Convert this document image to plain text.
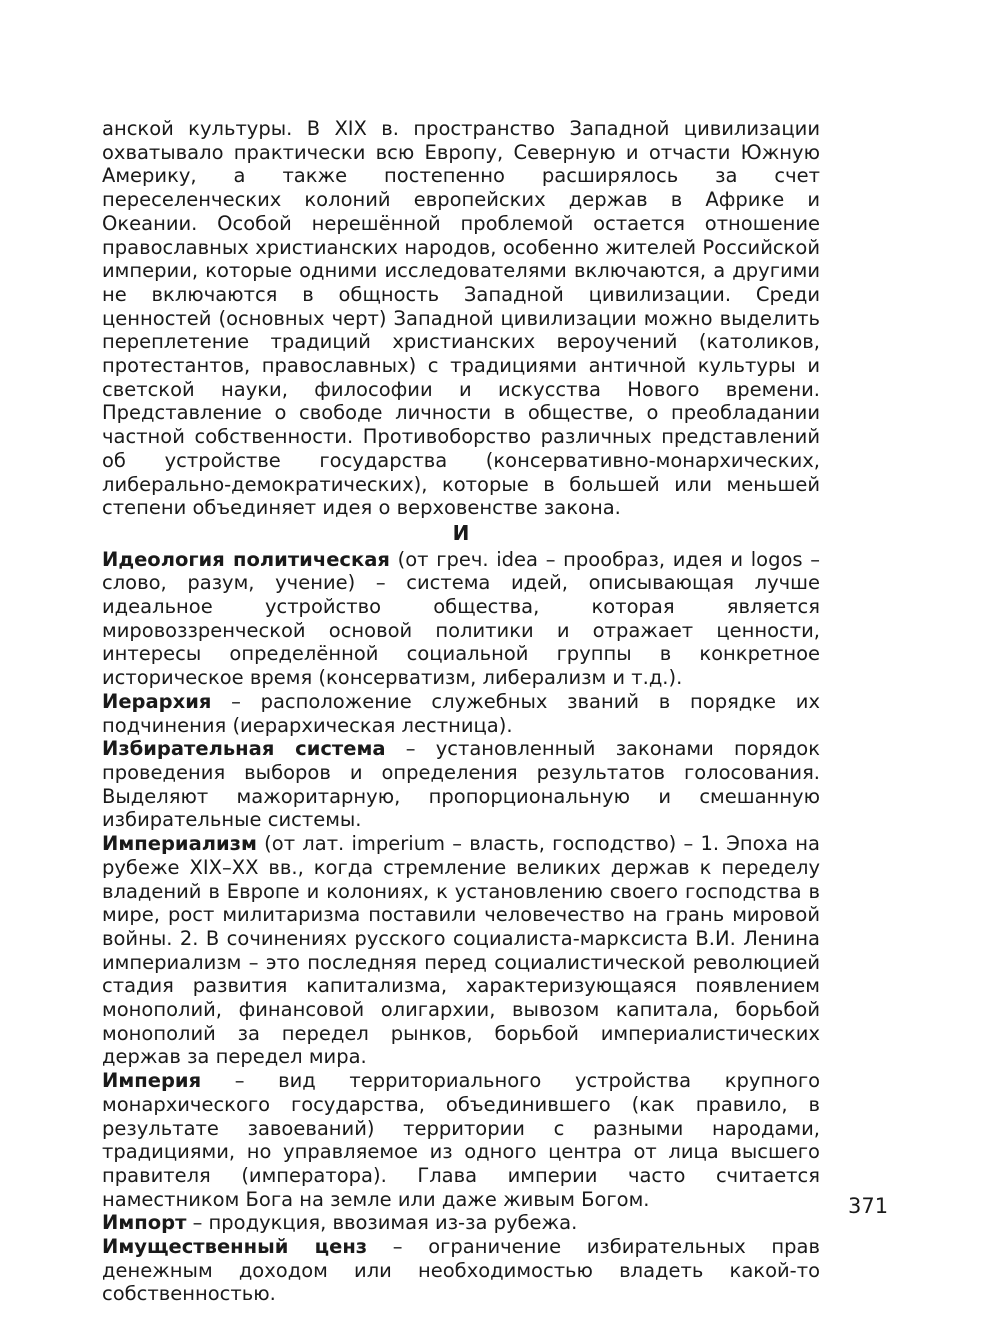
анской культуры. В XIX в. пространство Западной цивилизации охватывало практически всю Европу, Северную и отчасти Южную Америку, а также постепенно расширялось за счет переселенческих колоний европейских держав в Африке и Океании. Особой нерешённой проблемой остается отношение православных христианских народов, особенно жителей Российской империи, которые одними исследователями включаются, а другими не включаются в общность Западной цивилизации. Среди ценностей (основных черт) Западной цивилизации можно выделить переплетение традиций христианских вероучений (католиков, протестантов, православных) с традициями античной культуры и светской науки, философии и искусства Нового времени. Представление о свободе личности в обществе, о преобладании частной собственности. Противоборство различных представлений об устройстве государства (консервативно-монархических, либерально-демократических), которые в большей или меньшей степени объединяет идея о верховенстве закона.

И

Идеология политическая (от греч. idea – прообраз, идея и logos – слово, разум, учение) – система идей, описывающая лучше идеальное устройство общества, которая является мировоззренческой основой политики и отражает ценности, интересы определённой социальной группы в конкретное историческое время (консерватизм, либерализм и т.д.).

Иерархия – расположение служебных званий в порядке их подчинения (иерархическая лестница).

Избирательная система – установленный законами порядок проведения выборов и определения результатов голосования. Выделяют мажоритарную, пропорциональную и смешанную избирательные системы.

Империализм (от лат. imperium – власть, господство) – 1. Эпоха на рубеже XIX–XX вв., когда стремление великих держав к переделу владений в Европе и колониях, к установлению своего господства в мире, рост милитаризма поставили человечество на грань мировой войны. 2. В сочинениях русского социалиста-марксиста В.И. Ленина империализм – это последняя перед социалистической революцией стадия развития капитализма, характеризующаяся появлением монополий, финансовой олигархии, вывозом капитала, борьбой монополий за передел рынков, борьбой империалистических держав за передел мира.

Империя – вид территориального устройства крупного монархического государства, объединившего (как правило, в результате завоеваний) территории с разными народами, традициями, но управляемое из одного центра от лица высшего правителя (императора). Глава империи часто считается наместником Бога на земле или даже живым Богом.

Импорт – продукция, ввозимая из-за рубежа.

Имущественный ценз – ограничение избирательных прав денежным доходом или необходимостью владеть какой-то собственностью.

371
